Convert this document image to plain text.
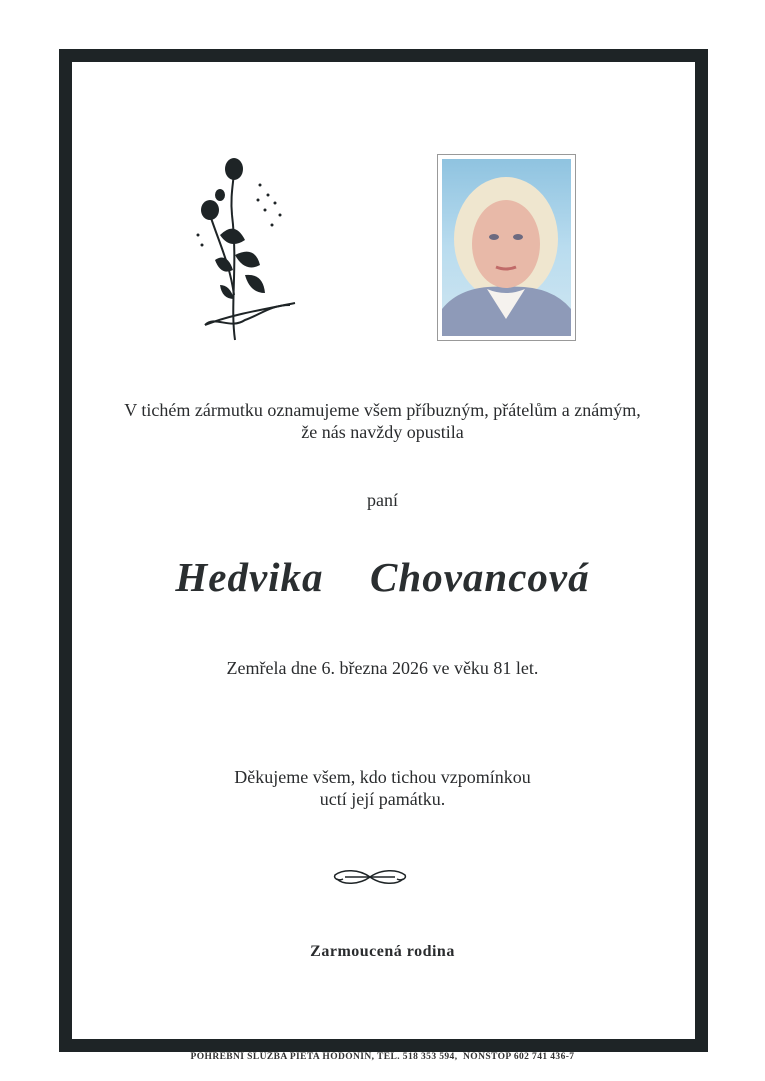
V tichém zármutku oznamujeme všem příbuzným, přátelům a známým,
že nás navždy opustila
paní
Hedvika  Chovancová
Zemřela dne 6. března 2026 ve věku 81 let.
Děkujeme všem, kdo tichou vzpomínkou
uctí její památku.
Zarmoucená rodina
POHŘEBNÍ SLUŽBA PIETA HODONÍN, TEL. 518 353 594,  NONSTOP 602 741 436-7
